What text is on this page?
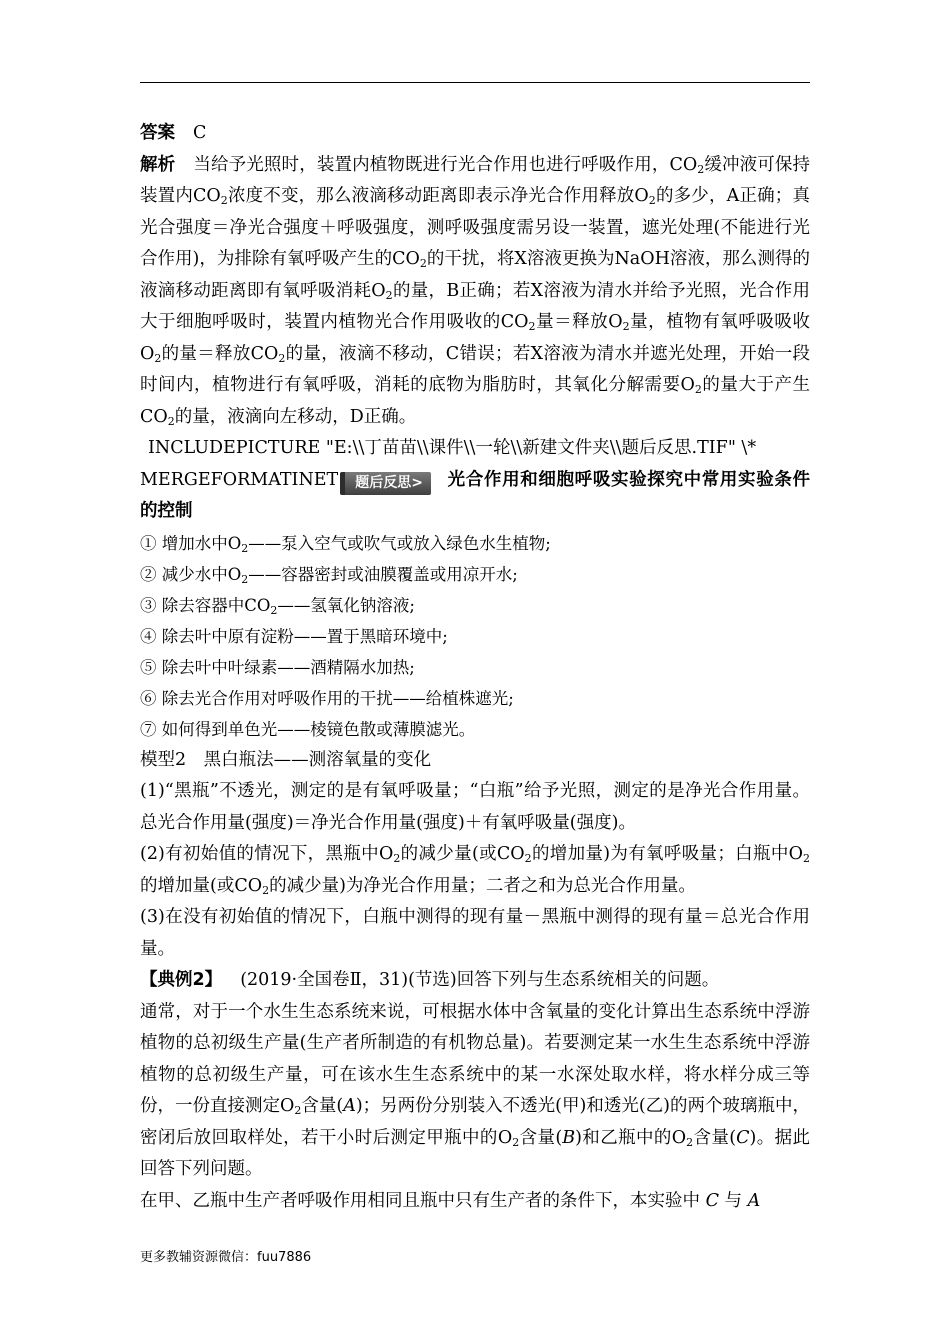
答案 C

解析 当给予光照时，装置内植物既进行光合作用也进行呼吸作用，$CO_2$缓冲液可保持装置内$CO_2$浓度不变，那么液滴移动距离即表示净光合作用释放$O_2$的多少，A正确；真光合强度＝净光合强度＋呼吸强度，测呼吸强度需另设一装置，遮光处理(不能进行光合作用)，为排除有氧呼吸产生的$CO_2$的干扰，将X溶液更换为NaOH溶液，那么测得的液滴移动距离即有氧呼吸消耗$O_2$的量，B正确；若X溶液为清水并给予光照，光合作用大于细胞呼吸时，装置内植物光合作用吸收的$CO_2$量＝释放$O_2$量，植物有氧呼吸吸收$O_2$的量＝释放$CO_2$的量，液滴不移动，C错误；若X溶液为清水并遮光处理，开始一段时间内，植物进行有氧呼吸，消耗的底物为脂肪时，其氧化分解需要$O_2$的量大于产生$CO_2$的量，液滴向左移动，D正确。

INCLUDEPICTURE "E:\\丁苗苗\\课件\\一轮\\新建文件夹\\题后反思.TIF" \*

MERGEFORMATINET 题后反思> 光合作用和细胞呼吸实验探究中常用实验条件的控制

① 增加水中$O_2——$泵入空气或吹气或放入绿色水生植物;

② 减少水中$O_2——$容器密封或油膜覆盖或用凉开水;

③ 除去容器中$CO_2——$氢氧化钠溶液;

④ 除去叶中原有淀粉——置于黑暗环境中;

⑤ 除去叶中叶绿素——酒精隔水加热;

⑥ 除去光合作用对呼吸作用的干扰——给植株遮光;

⑦ 如何得到单色光——棱镜色散或薄膜滤光。

模型2　黑白瓶法——测溶氧量的变化

(1)“黑瓶”不透光，测定的是有氧呼吸量；“白瓶”给予光照，测定的是净光合作用量。总光合作用量(强度)＝净光合作用量(强度)＋有氧呼吸量(强度)。

(2)有初始值的情况下，黑瓶中$O_2$的减少量(或$CO_2$的增加量)为有氧呼吸量；白瓶中$O_2$的增加量(或$CO_2$的减少量)为净光合作用量；二者之和为总光合作用量。

(3)在没有初始值的情况下，白瓶中测得的现有量－黑瓶中测得的现有量＝总光合作用量。

【典例2】 (2019·全国卷Ⅱ，31)(节选)回答下列与生态系统相关的问题。

通常，对于一个水生生态系统来说，可根据水体中含氧量的变化计算出生态系统中浮游植物的总初级生产量(生产者所制造的有机物总量)。若要测定某一水生生态系统中浮游植物的总初级生产量，可在该水生生态系统中的某一水深处取水样，将水样分成三等份，一份直接测定$O_2$含量(A)；另两份分别装入不透光(甲)和透光(乙)的两个玻璃瓶中，密闭后放回取样处，若干小时后测定甲瓶中的$O_2$含量(B)和乙瓶中的$O_2$含量(C)。据此回答下列问题。

在甲、乙瓶中生产者呼吸作用相同且瓶中只有生产者的条件下，本实验中 C 与 A

更多教辅资源微信：fuu7886
